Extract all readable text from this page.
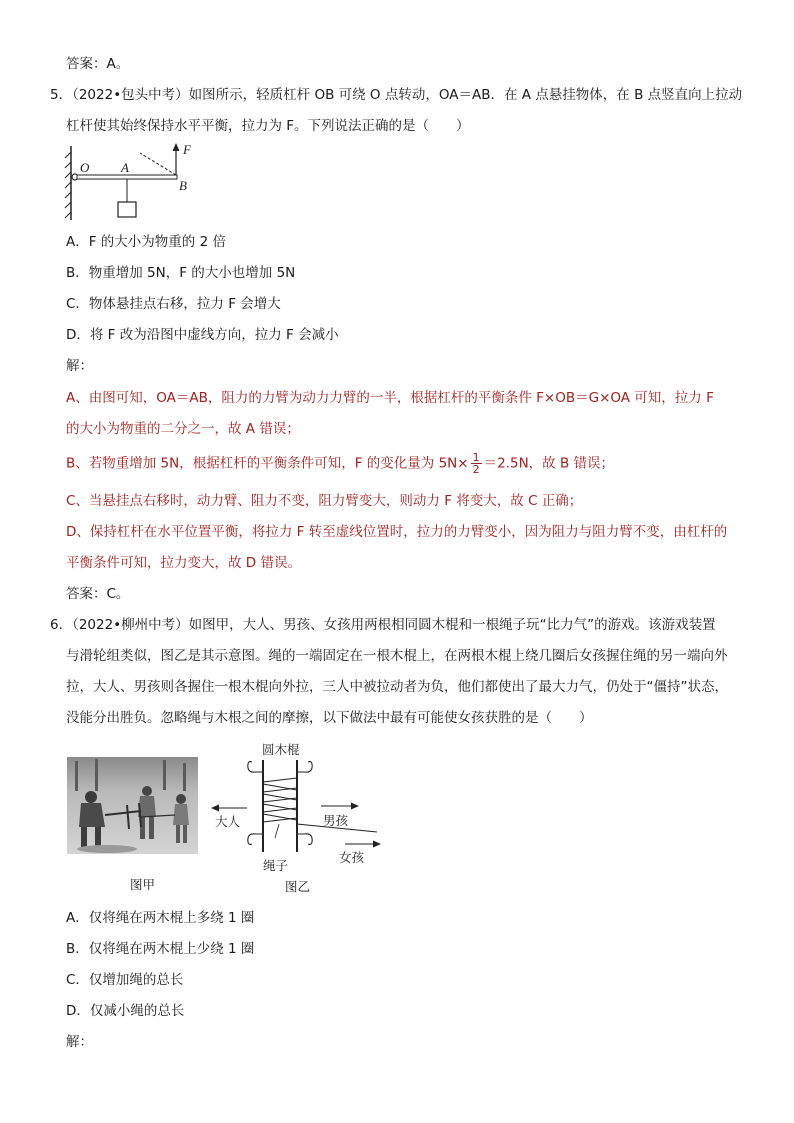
答案：A。
5．（2022•包头中考）如图所示，轻质杠杆 OB 可绕 O 点转动，OA＝AB．在 A 点悬挂物体，在 B 点竖直向上拉动
杠杆使其始终保持水平平衡，拉力为 F。下列说法正确的是（　　）
O A
B
F
A．F 的大小为物重的 2 倍
B．物重增加 5N，F 的大小也增加 5N
C．物体悬挂点右移，拉力 F 会增大
D．将 F 改为沿图中虚线方向，拉力 F 会减小
解：
A、由图可知，OA＝AB，阻力的力臂为动力力臂的一半，根据杠杆的平衡条件 F×OB＝G×OA 可知，拉力 F
的大小为物重的二分之一，故 A 错误；
B、若物重增加 5N，根据杠杆的平衡条件可知，F 的变化量为 $5N\times \frac{1}{2} =2.5N$，故 B 错误；
C、当悬挂点右移时，动力臂、阻力不变，阻力臂变大，则动力 F 将变大，故 C 正确；
D、保持杠杆在水平位置平衡，将拉力 F 转至虚线位置时，拉力的力臂变小，因为阻力与阻力臂不变，由杠杆的
平衡条件可知，拉力变大，故 D 错误。
答案：C。
6．（2022•柳州中考）如图甲，大人、男孩、女孩用两根相同圆木棍和一根绳子玩“比力气”的游戏。该游戏装置
与滑轮组类似，图乙是其示意图。绳的一端固定在一根木棍上，在两根木棍上绕几圈后女孩握住绳的另一端向外
拉，大人、男孩则各握住一根木棍向外拉，三人中被拉动者为负，他们都使出了最大力气，仍处于“僵持”状态，
没能分出胜负。忽略绳与木根之间的摩擦，以下做法中最有可能使女孩获胜的是（　　）
图甲
圆木棍
大人	男孩
女孩
绳子
图乙
A．仅将绳在两木棍上多绕 1 圈
B．仅将绳在两木棍上少绕 1 圈
C．仅增加绳的总长
D．仅减小绳的总长
解：
